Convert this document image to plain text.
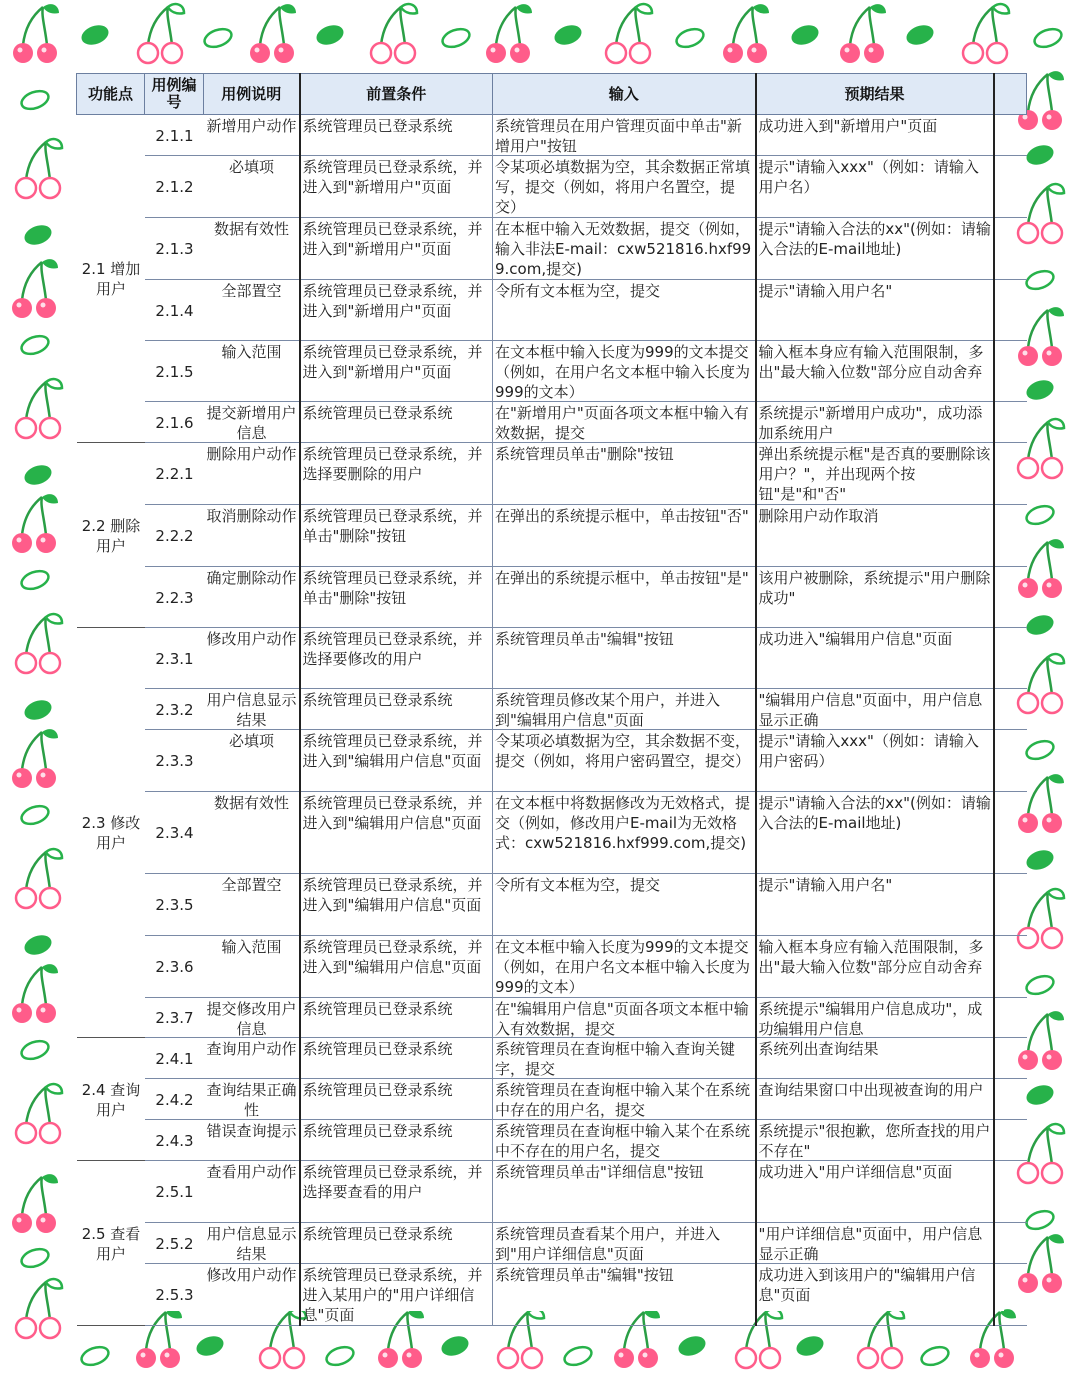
功能点	用例编号	用例说明	前置条件	输入	预期结果	
2.1 增加用户	2.1.1	新增用户动作	系统管理员已登录系统	系统管理员在用户管理页面中单击"新增用户"按钮	成功进入到"新增用户"页面	

	2.1.2	必填项	系统管理员已登录系统，并进入到"新增用户"页面	令某项必填数据为空，其余数据正常填写，提交（例如，将用户名置空，提交）	提示"请输入xxx"（例如：请输入用户名）	

	2.1.3	数据有效性	系统管理员已登录系统，并进入到"新增用户"页面	在本框中输入无效数据，提交（例如，输入非法E-mail：cxw521816.hxf999.com,提交)	提示"请输入合法的xx"(例如：请输入合法的E-mail地址)	

	2.1.4	全部置空	系统管理员已登录系统，并进入到"新增用户"页面	令所有文本框为空，提交	提示"请输入用户名"	

	2.1.5	输入范围	系统管理员已登录系统，并进入到"新增用户"页面	在文本框中输入长度为999的文本提交（例如，在用户名文本框中输入长度为999的文本）	输入框本身应有输入范围限制，多出"最大输入位数"部分应自动舍弃	

	2.1.6	提交新增用户信息	系统管理员已登录系统	在"新增用户"页面各项文本框中输入有效数据，提交	系统提示"新增用户成功"，成功添加系统用户	

2.2 删除用户	2.2.1	删除用户动作	系统管理员已登录系统，并选择要删除的用户	系统管理员单击"删除"按钮	弹出系统提示框"是否真的要删除该用户？"，并出现两个按钮"是"和"否"	

	2.2.2	取消删除动作	系统管理员已登录系统，并单击"删除"按钮	在弹出的系统提示框中，单击按钮"否"	删除用户动作取消	

	2.2.3	确定删除动作	系统管理员已登录系统，并单击"删除"按钮	在弹出的系统提示框中，单击按钮"是"	该用户被删除，系统提示"用户删除成功"	

2.3 修改用户	2.3.1	修改用户动作	系统管理员已登录系统，并选择要修改的用户	系统管理员单击"编辑"按钮	成功进入"编辑用户信息"页面	

	2.3.2	用户信息显示结果	系统管理员已登录系统	系统管理员修改某个用户，并进入到"编辑用户信息"页面	"编辑用户信息"页面中，用户信息显示正确	

	2.3.3	必填项	系统管理员已登录系统，并进入到"编辑用户信息"页面	令某项必填数据为空，其余数据不变，提交（例如，将用户密码置空，提交）	提示"请输入xxx"（例如：请输入用户密码）	

	2.3.4	数据有效性	系统管理员已登录系统，并进入到"编辑用户信息"页面	在文本框中将数据修改为无效格式，提交（例如，修改用户E-mail为无效格式：cxw521816.hxf999.com,提交)	提示"请输入合法的xx"(例如：请输入合法的E-mail地址)	

	2.3.5	全部置空	系统管理员已登录系统，并进入到"编辑用户信息"页面	令所有文本框为空，提交	提示"请输入用户名"	

	2.3.6	输入范围	系统管理员已登录系统，并进入到"编辑用户信息"页面	在文本框中输入长度为999的文本提交（例如，在用户名文本框中输入长度为999的文本）	输入框本身应有输入范围限制，多出"最大输入位数"部分应自动舍弃	

	2.3.7	提交修改用户信息	系统管理员已登录系统	在"编辑用户信息"页面各项文本框中输入有效数据，提交	系统提示"编辑用户信息成功"，成功编辑用户信息	

2.4 查询用户	2.4.1	查询用户动作	系统管理员已登录系统	系统管理员在查询框中输入查询关键字，提交	系统列出查询结果	

	2.4.2	查询结果正确性	系统管理员已登录系统	系统管理员在查询框中输入某个在系统中存在的用户名，提交	查询结果窗口中出现被查询的用户	

	2.4.3	错误查询提示	系统管理员已登录系统	系统管理员在查询框中输入某个在系统中不存在的用户名，提交	系统提示"很抱歉，您所查找的用户不存在"	

2.5 查看用户	2.5.1	查看用户动作	系统管理员已登录系统，并选择要查看的用户	系统管理员单击"详细信息"按钮	成功进入"用户详细信息"页面	

	2.5.2	用户信息显示结果	系统管理员已登录系统	系统管理员查看某个用户，并进入到"用户详细信息"页面	"用户详细信息"页面中，用户信息显示正确	

	2.5.3	修改用户动作	系统管理员已登录系统，并进入某用户的"用户详细信息"页面	系统管理员单击"编辑"按钮	成功进入到该用户的"编辑用户信息"页面	
